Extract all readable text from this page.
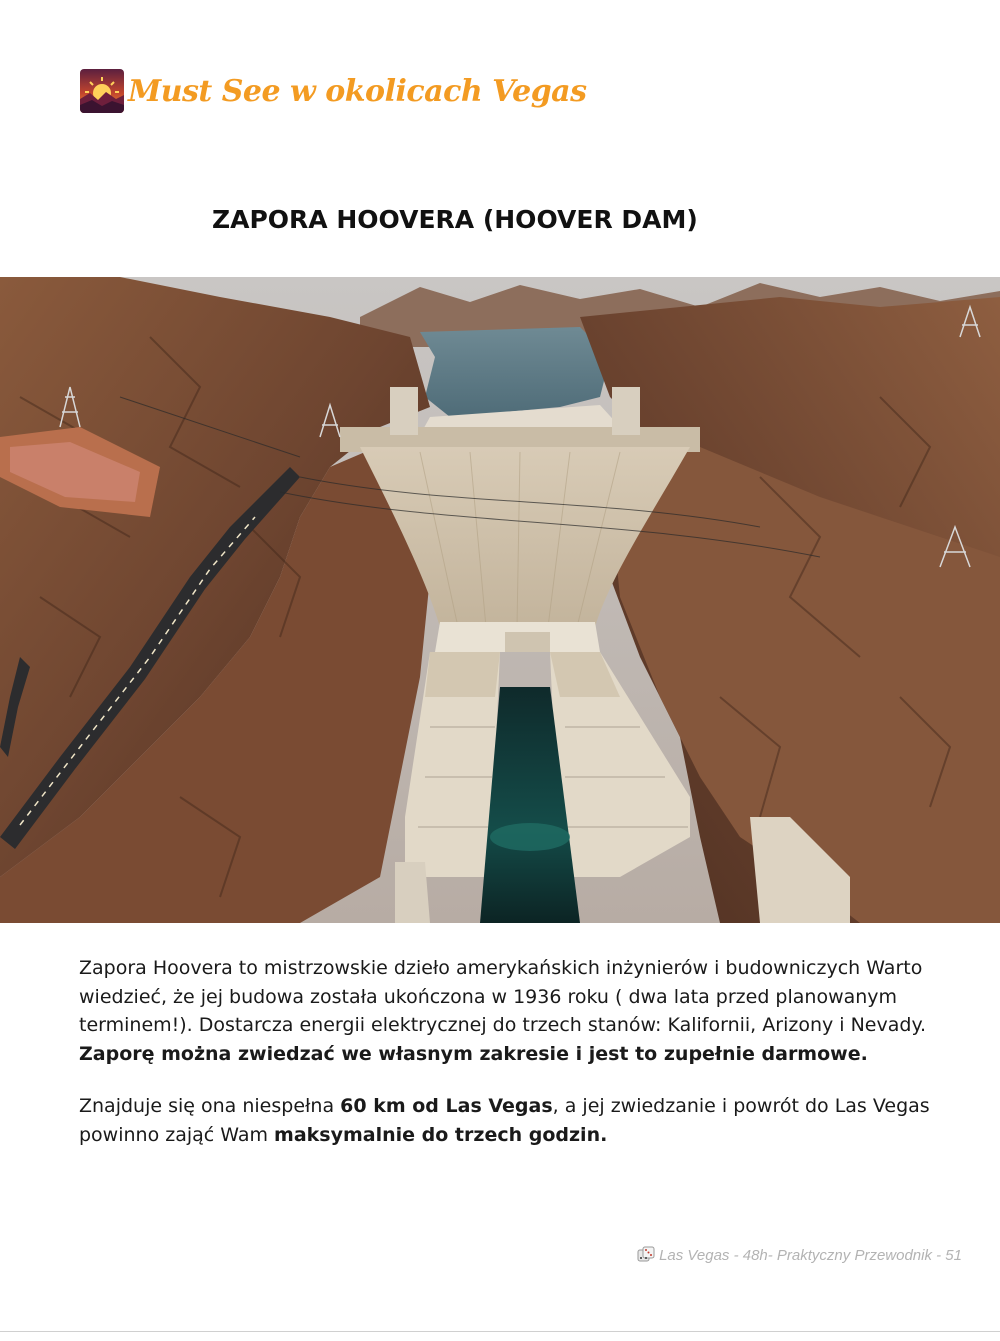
Must See w okolicach Vegas
ZAPORA HOOVERA (HOOVER DAM)

Zapora Hoovera to mistrzowskie dzieło amerykańskich inżynierów i budowniczych Warto wiedzieć, że jej budowa została ukończona w 1936 roku ( dwa lata przed planowanym terminem!). Dostarcza energii elektrycznej do trzech stanów: Kalifornii, Arizony i Nevady. Zaporę można zwiedzać we własnym zakresie i jest to zupełnie darmowe.

Znajduje się ona niespełna 60 km od Las Vegas, a jej zwiedzanie i powrót do Las Vegas powinno zająć Wam maksymalnie do trzech godzin.

Las Vegas - 48h- Praktyczny Przewodnik - 51
